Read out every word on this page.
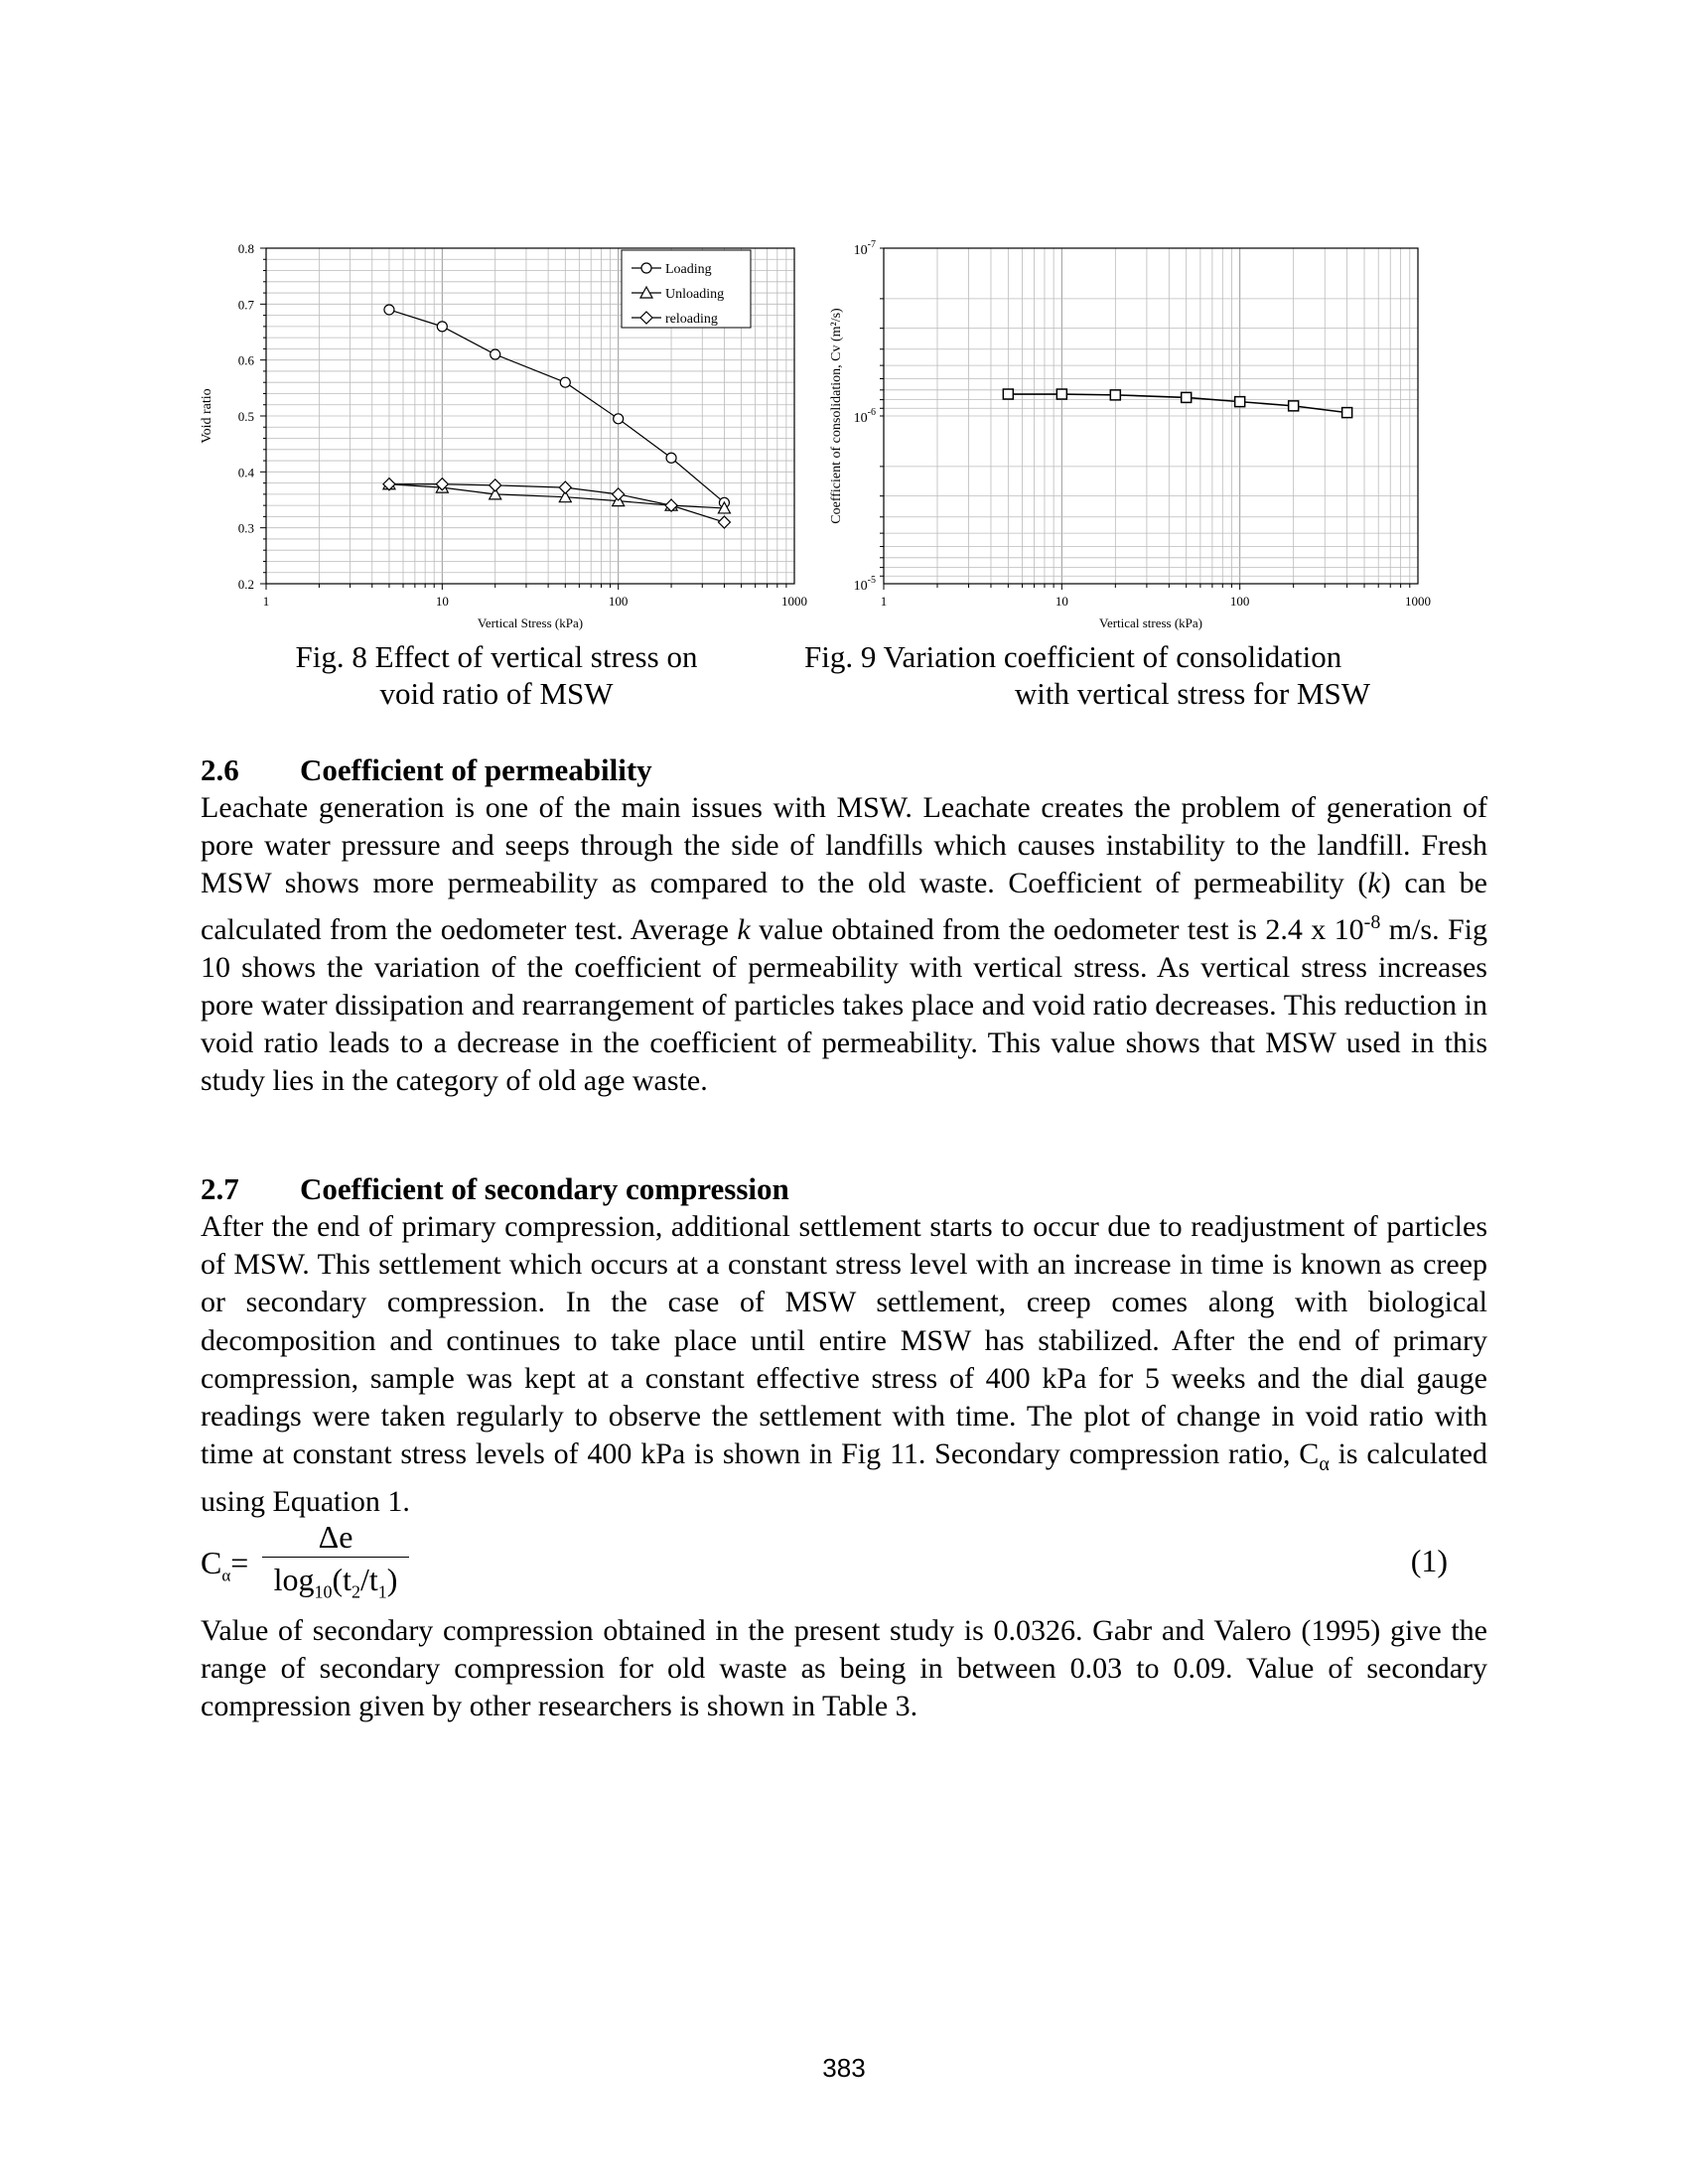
0.2
0.3
0.4
0.5
0.6
0.7
0.8
1	10	100	1000
Vertical Stress (kPa)
Void ratio
Loading
Unloading
reloading
$10^{-5}$
$10^{-6}$
$10^{-7}$
1	10	100	1000
Vertical stress (kPa)
Coefficient of consolidation, Cv (m²/s)
Fig. 8 Effect of vertical stress on
void ratio of MSW
Fig. 9 Variation coefficient of consolidation
with vertical stress for MSW
2.6 Coefficient of permeability
Leachate generation is one of the main issues with MSW. Leachate creates the problem of generation of pore water pressure and seeps through the side of landfills which causes instability to the landfill. Fresh MSW shows more permeability as compared to the old waste. Coefficient of permeability (k) can be calculated from the oedometer test. Average k value obtained from the oedometer test is 2.4 x $10^{-8}$ m/s. Fig 10 shows the variation of the coefficient of permeability with vertical stress. As vertical stress increases pore water dissipation and rearrangement of particles takes place and void ratio decreases. This reduction in void ratio leads to a decrease in the coefficient of permeability. This value shows that MSW used in this study lies in the category of old age waste.
2.7 Coefficient of secondary compression
After the end of primary compression, additional settlement starts to occur due to readjustment of particles of MSW. This settlement which occurs at a constant stress level with an increase in time is known as creep or secondary compression. In the case of MSW settlement, creep comes along with biological decomposition and continues to take place until entire MSW has stabilized. After the end of primary compression, sample was kept at a constant effective stress of 400 kPa for 5 weeks and the dial gauge readings were taken regularly to observe the settlement with time. The plot of change in void ratio with time at constant stress levels of 400 kPa is shown in Fig 11. Secondary compression ratio, $C_\alpha$ is calculated using Equation 1.
$C_\alpha=$
Δe
$\log_{10}(t_2/t_1)$
(1)
Value of secondary compression obtained in the present study is 0.0326. Gabr and Valero (1995) give the range of secondary compression for old waste as being in between 0.03 to 0.09. Value of secondary compression given by other researchers is shown in Table 3.
383
